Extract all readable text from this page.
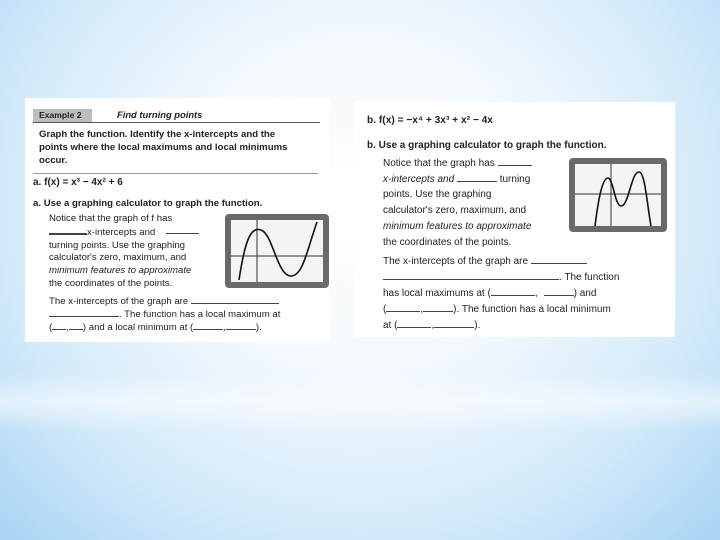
Example 2	Find turning points
Graph the function. Identify the x-intercepts and the
points where the local maximums and local minimums
occur.
a. f(x) = x³ − 4x² + 6
a. Use a graphing calculator to graph the function.
Notice that the graph of f has
x-intercepts and
turning points. Use the graphing
calculator's zero, maximum, and
minimum features to approximate
the coordinates of the points.
The x-intercepts of the graph are
. The function has a local maximum at
( , ) and a local minimum at (	,	).
b. f(x) = −x⁴ + 3x³ + x² − 4x
b. Use a graphing calculator to graph the function.
Notice that the graph has
x-intercepts and	turning
points. Use the graphing
calculator's zero, maximum, and
minimum features to approximate
the coordinates of the points.
The x-intercepts of the graph are
. The function
has local maximums at (	,	) and
(	,	). The function has a local minimum
at (	,	).
